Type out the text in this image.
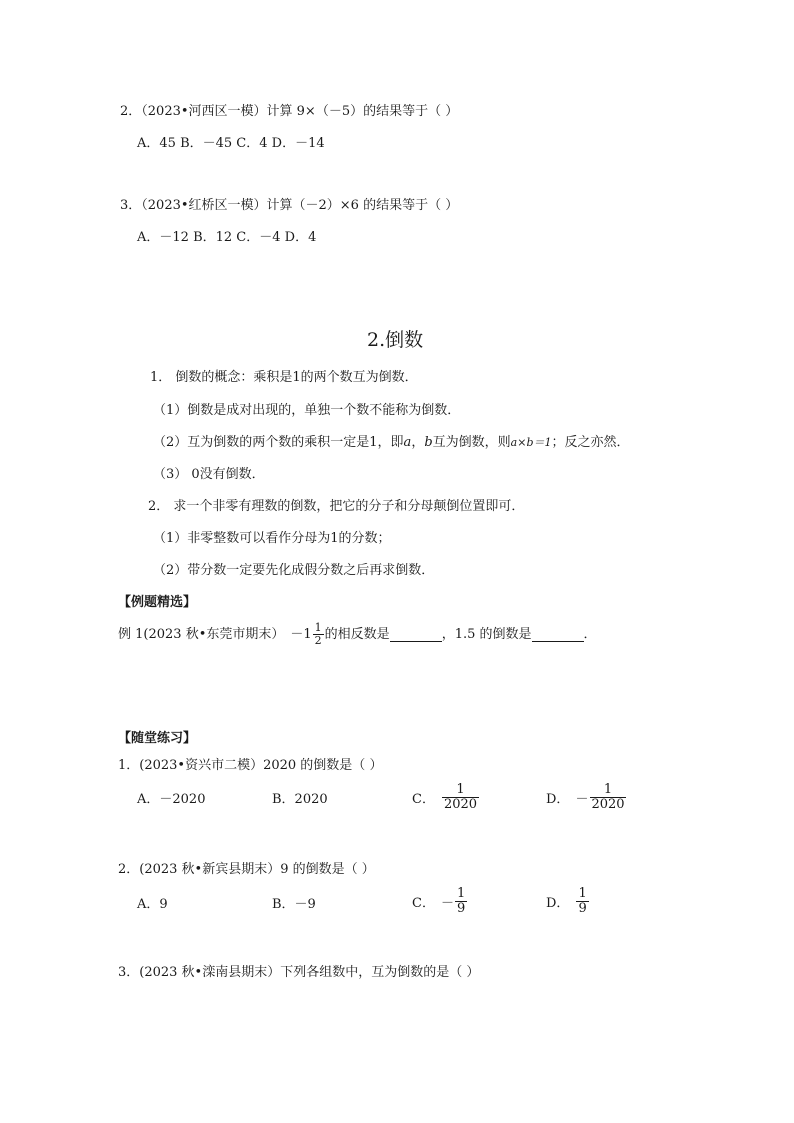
2．（2023•河西区一模）计算 9×（－5）的结果等于（ ）
A．45 B．－45 C．4 D．－14
3．（2023•红桥区一模）计算（－2）×6 的结果等于（ ）
A．－12 B．12 C．－4 D．4
2.倒数
1． 倒数的概念：乘积是1的两个数互为倒数．
（1）倒数是成对出现的，单独一个数不能称为倒数．
（2）互为倒数的两个数的乘积一定是1，即a，b互为倒数，则a×b＝1；反之亦然．
（3） 0没有倒数．
2． 求一个非零有理数的倒数，把它的分子和分母颠倒位置即可．
（1）非零整数可以看作分母为1的分数；
（2）带分数一定要先化成假分数之后再求倒数．
【例题精选】
例 1(2023 秋•东莞市期末） － $1 \frac{1}{2}$ 的相反数是	，1.5 的倒数是	．
【随堂练习】
1．(2023•资兴市二模）2020 的倒数是（ ）
A．－2020	B．2020	C． $\frac{1}{2020}$	D． － $\frac{1}{2020}$
2．(2023 秋•新宾县期末）9 的倒数是（ ）
A．9	B．－9	C． － $\frac{1}{9}$	D． $\frac{1}{9}$
3．(2023 秋•滦南县期末）下列各组数中，互为倒数的是（ ）
